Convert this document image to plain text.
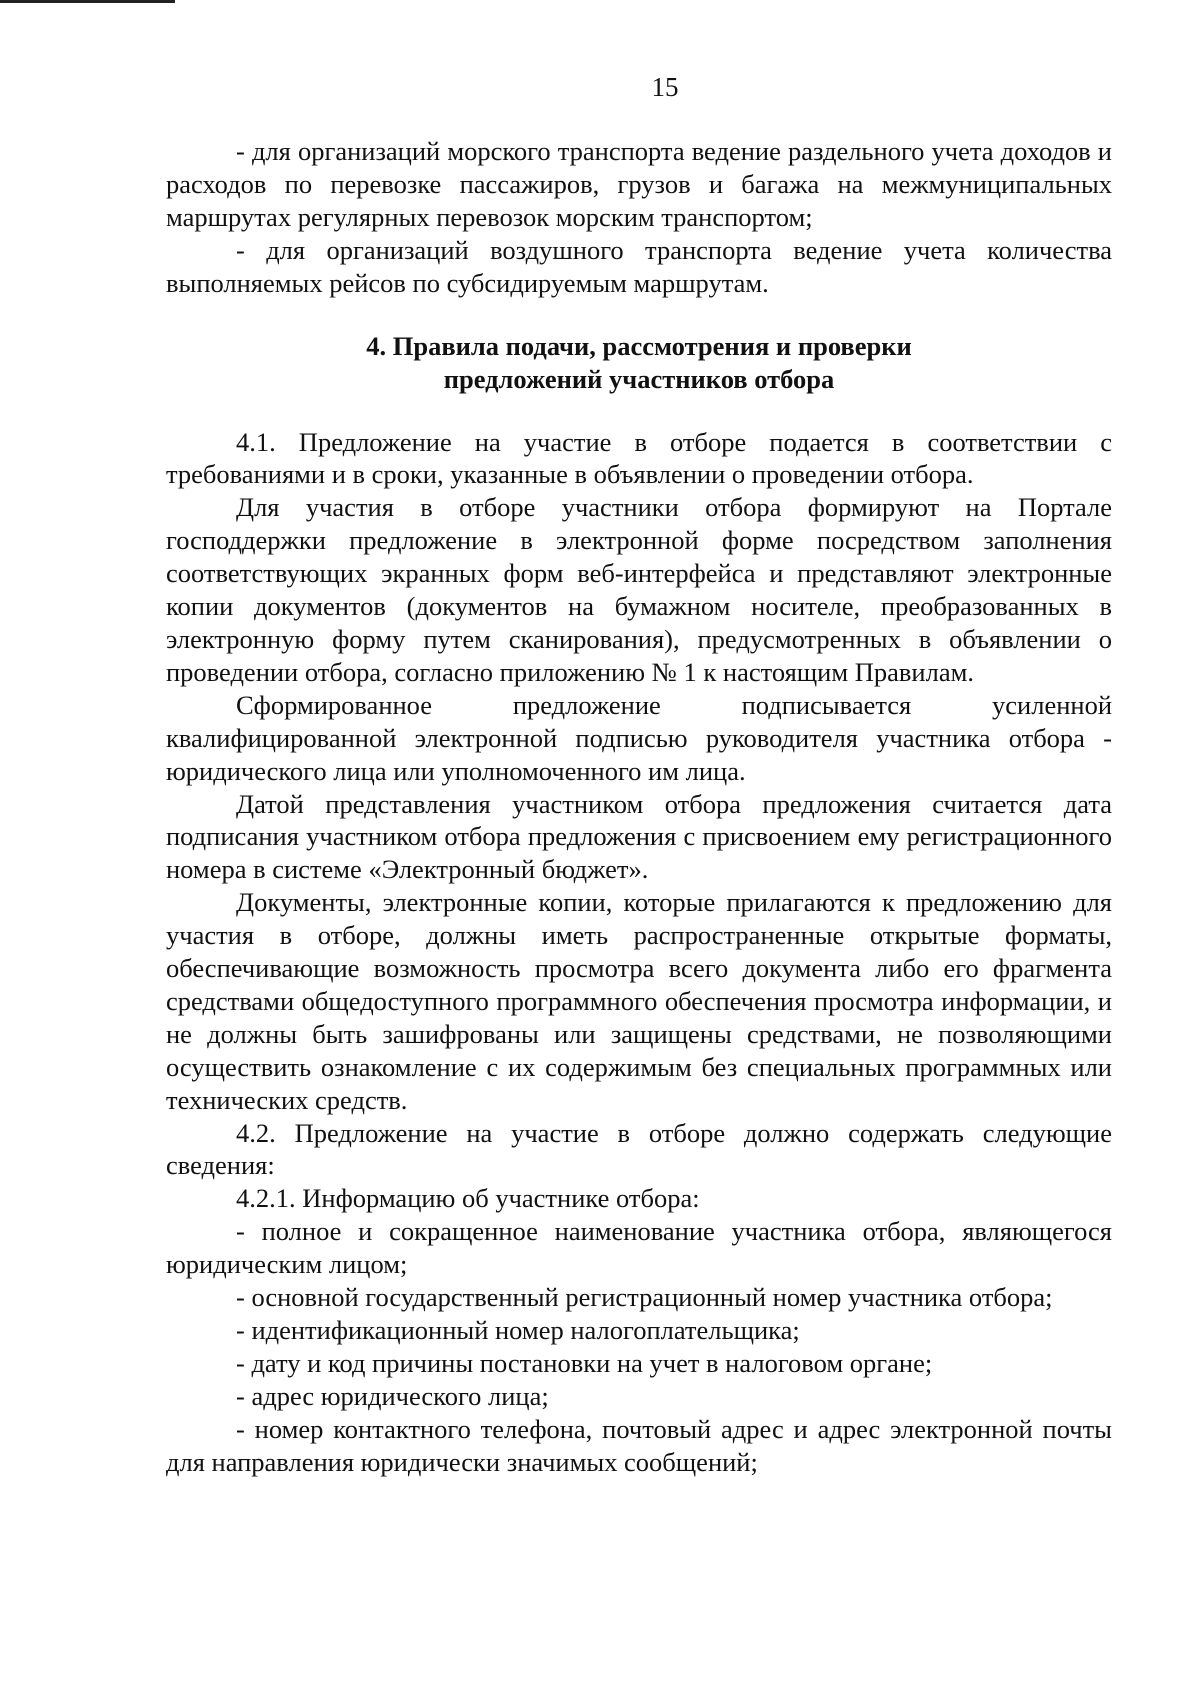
15

- для организаций морского транспорта ведение раздельного учета доходов и расходов по перевозке пассажиров, грузов и багажа на межмуниципальных маршрутах регулярных перевозок морским транспортом;

- для организаций воздушного транспорта ведение учета количества выполняемых рейсов по субсидируемым маршрутам.

4. Правила подачи, рассмотрения и проверки
предложений участников отбора

4.1. Предложение на участие в отборе подается в соответствии с требованиями и в сроки, указанные в объявлении о проведении отбора.

Для участия в отборе участники отбора формируют на Портале господдержки предложение в электронной форме посредством заполнения соответствующих экранных форм веб-интерфейса и представляют электронные копии документов (документов на бумажном носителе, преобразованных в электронную форму путем сканирования), предусмотренных в объявлении о проведении отбора, согласно приложению № 1 к настоящим Правилам.

Сформированное предложение подписывается усиленной квалифицированной электронной подписью руководителя участника отбора - юридического лица или уполномоченного им лица.

Датой представления участником отбора предложения считается дата подписания участником отбора предложения с присвоением ему регистрационного номера в системе «Электронный бюджет».

Документы, электронные копии, которые прилагаются к предложению для участия в отборе, должны иметь распространенные открытые форматы, обеспечивающие возможность просмотра всего документа либо его фрагмента средствами общедоступного программного обеспечения просмотра информации, и не должны быть зашифрованы или защищены средствами, не позволяющими осуществить ознакомление с их содержимым без специальных программных или технических средств.

4.2. Предложение на участие в отборе должно содержать следующие сведения:

4.2.1. Информацию об участнике отбора:

- полное и сокращенное наименование участника отбора, являющегося юридическим лицом;

- основной государственный регистрационный номер участника отбора;

- идентификационный номер налогоплательщика;

- дату и код причины постановки на учет в налоговом органе;

- адрес юридического лица;

- номер контактного телефона, почтовый адрес и адрес электронной почты для направления юридически значимых сообщений;
